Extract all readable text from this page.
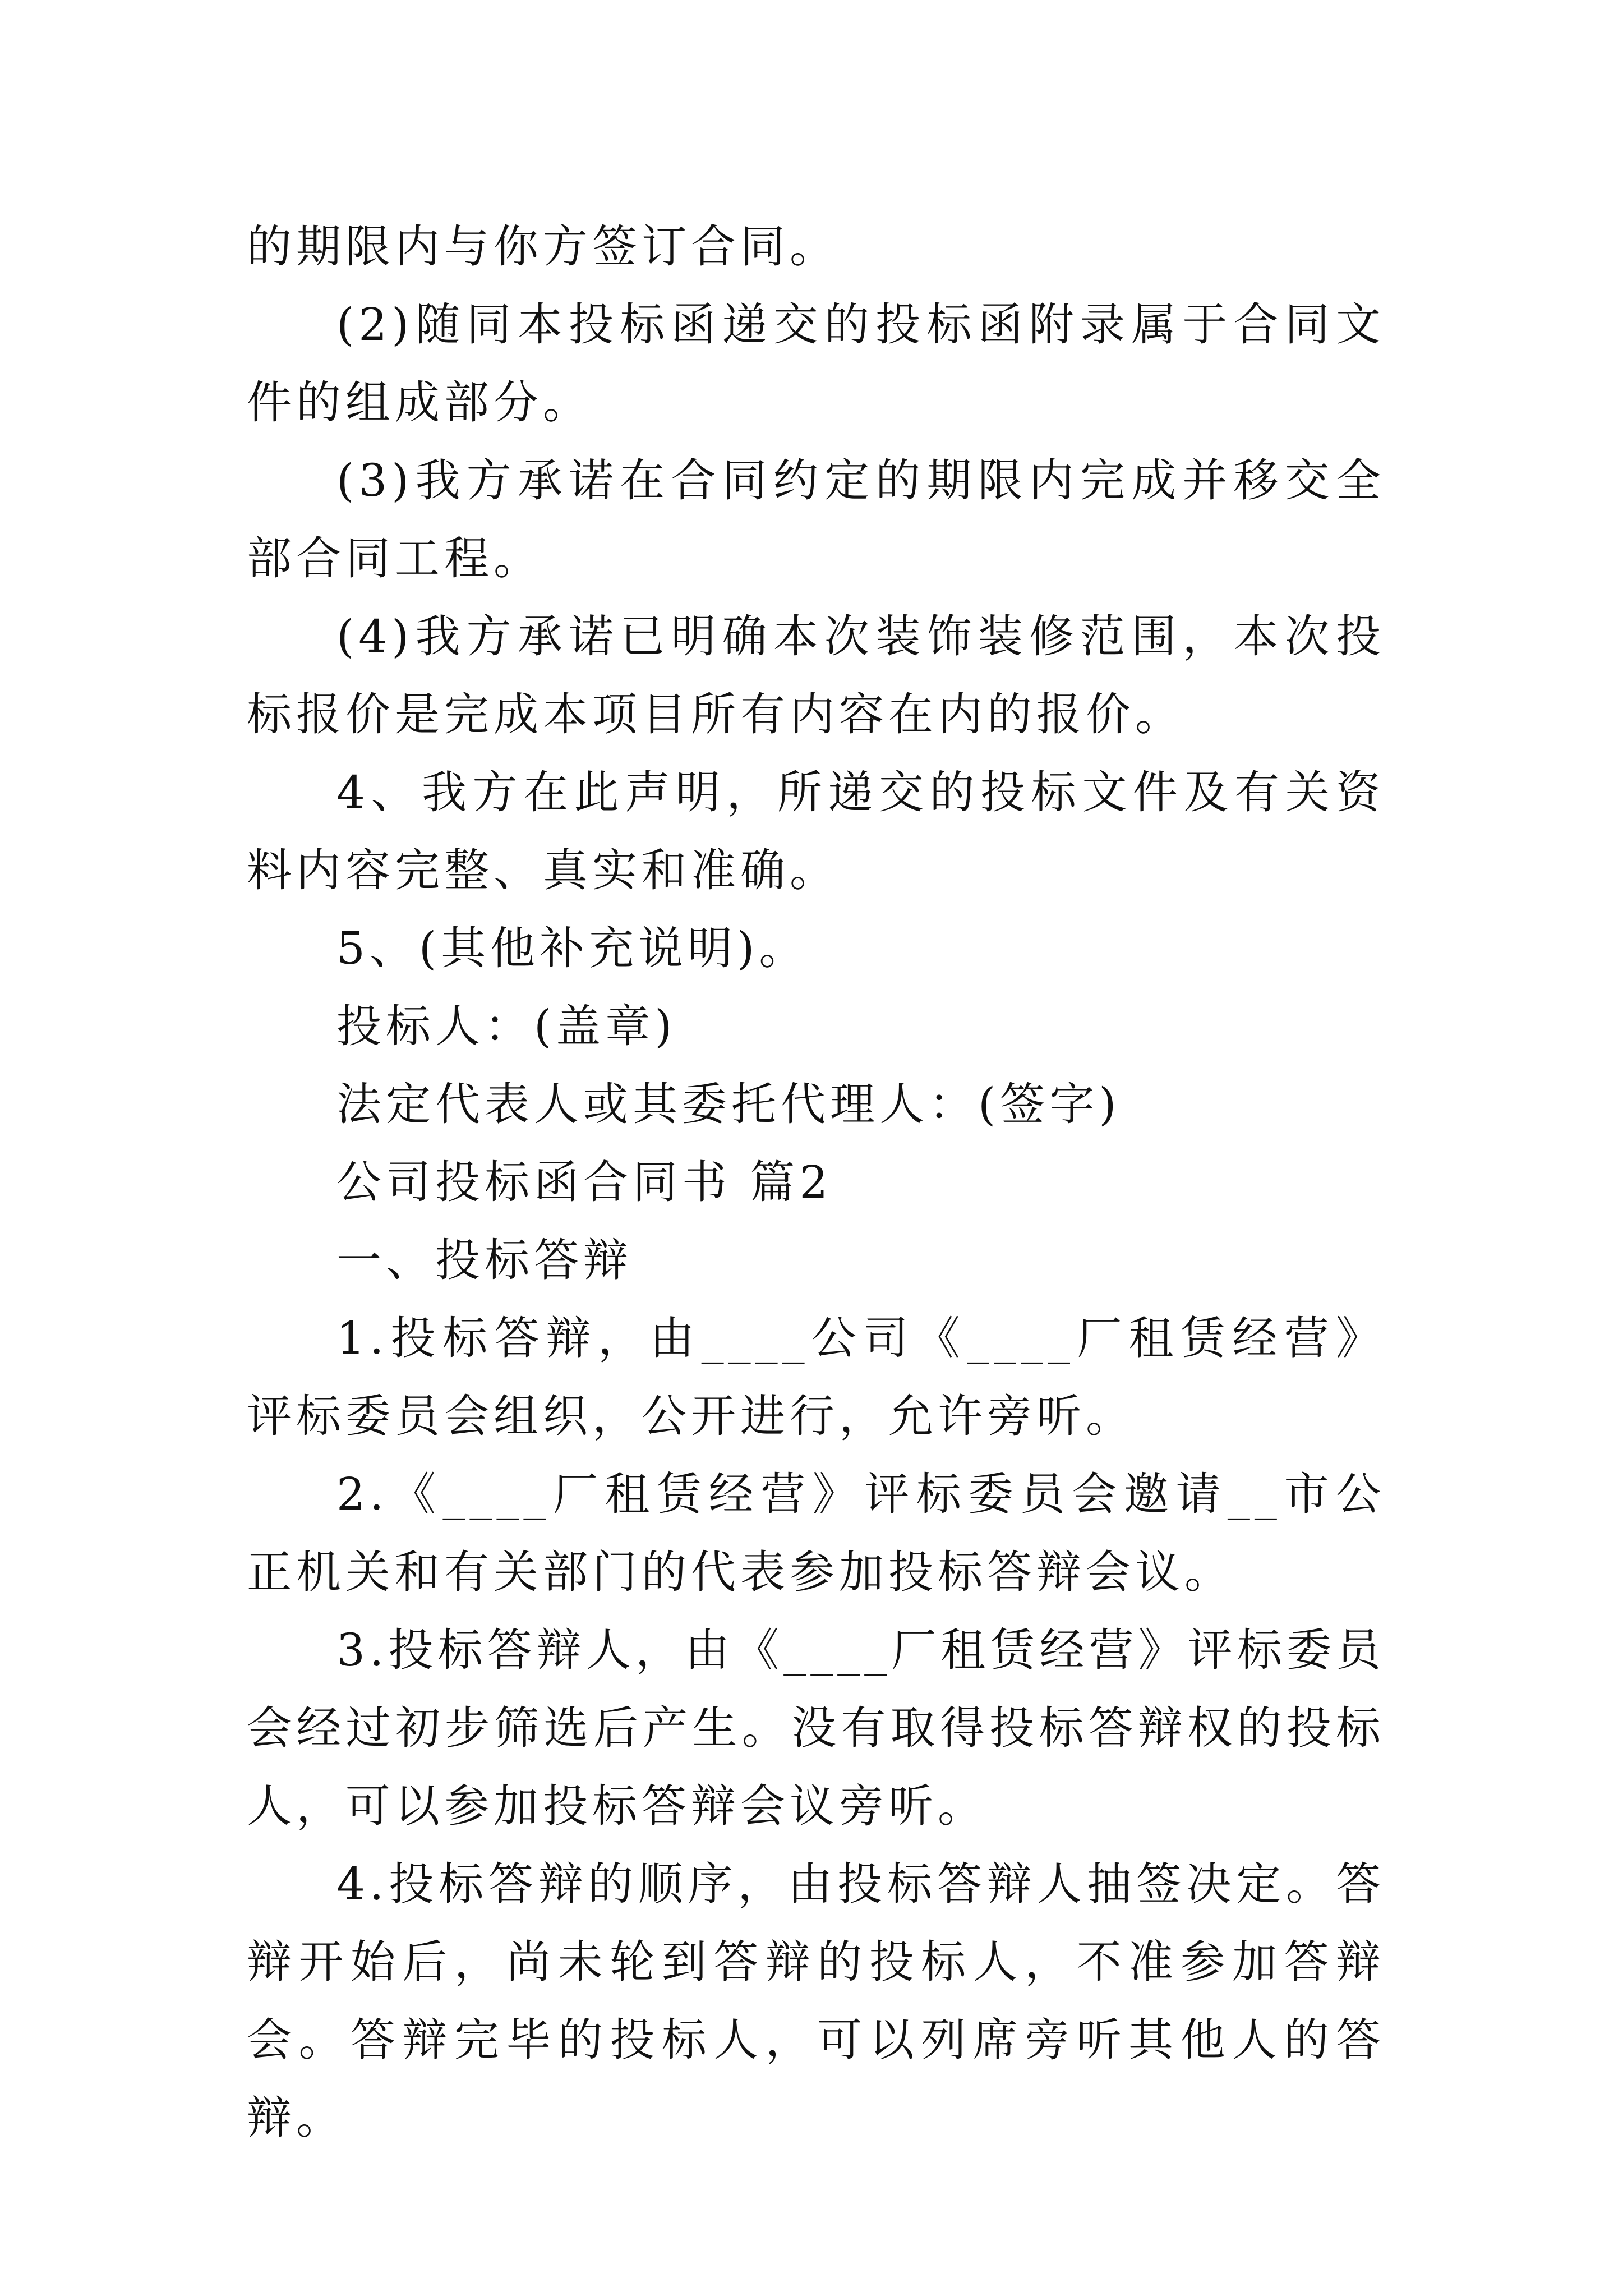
的期限内与你方签订合同。

(2)随同本投标函递交的投标函附录属于合同文件的组成部分。

(3)我方承诺在合同约定的期限内完成并移交全部合同工程。

(4)我方承诺已明确本次装饰装修范围，本次投标报价是完成本项目所有内容在内的报价。

4、我方在此声明，所递交的投标文件及有关资料内容完整、真实和准确。

5、(其他补充说明)。

投标人：(盖章)

法定代表人或其委托代理人：(签字)

公司投标函合同书 篇2

一、投标答辩

1.投标答辩，由____公司《____厂租赁经营》评标委员会组织，公开进行，允许旁听。

2.《____厂租赁经营》评标委员会邀请__市公正机关和有关部门的代表参加投标答辩会议。

3.投标答辩人，由《____厂租赁经营》评标委员会经过初步筛选后产生。没有取得投标答辩权的投标人，可以参加投标答辩会议旁听。

4.投标答辩的顺序，由投标答辩人抽签决定。答辩开始后，尚未轮到答辩的投标人，不准参加答辩会。答辩完毕的投标人，可以列席旁听其他人的答辩。
